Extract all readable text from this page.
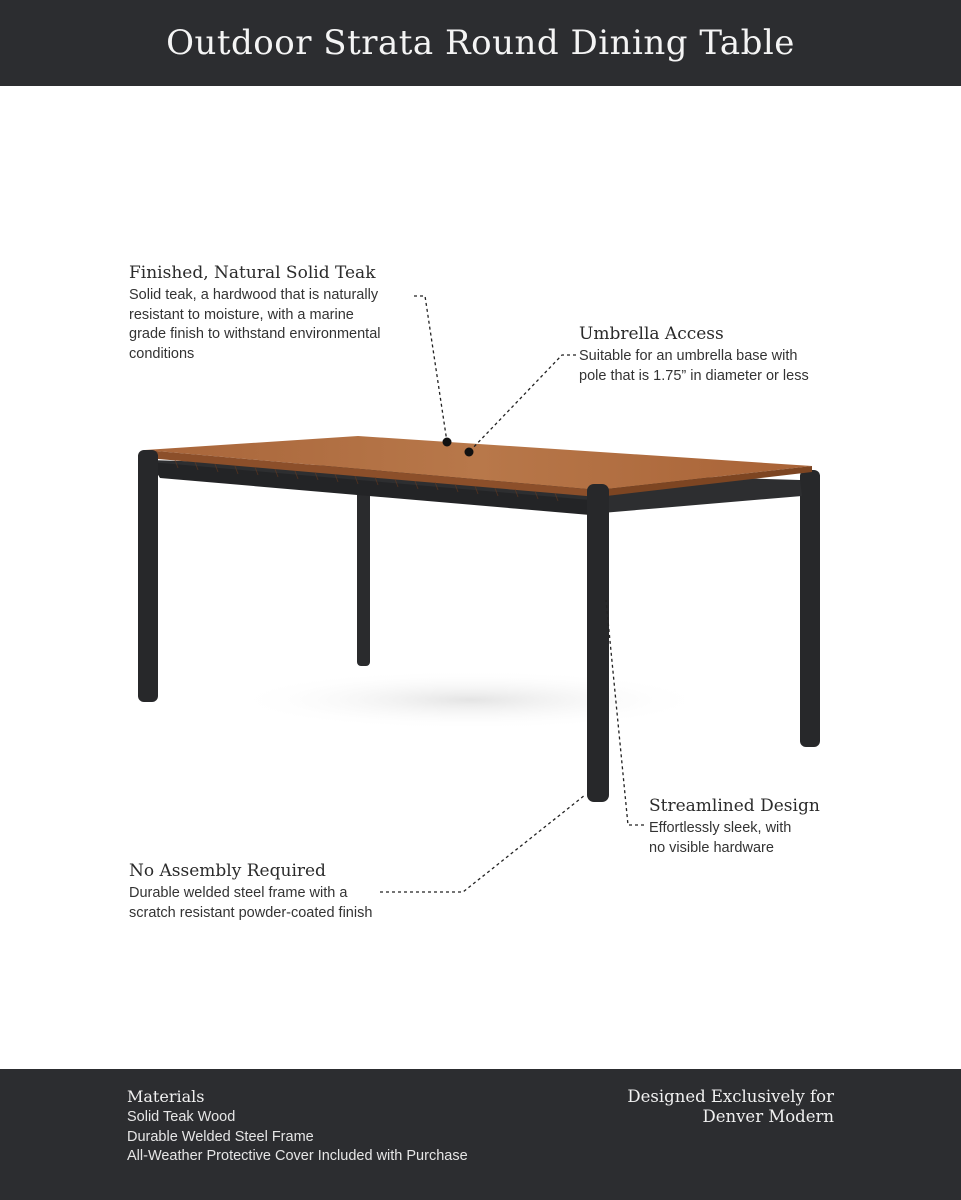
Outdoor Strata Round Dining Table
Finished, Natural Solid Teak
Solid teak, a hardwood that is naturally
resistant to moisture, with a marine
grade finish to withstand environmental
conditions
Umbrella Access
Suitable for an umbrella base with
pole that is 1.75” in diameter or less
Streamlined Design
Effortlessly sleek, with
no visible hardware
No Assembly Required
Durable welded steel frame with a
scratch resistant powder-coated finish
Materials
Solid Teak Wood
Durable Welded Steel Frame
All-Weather Protective Cover Included with Purchase
Designed Exclusively for
Denver Modern
